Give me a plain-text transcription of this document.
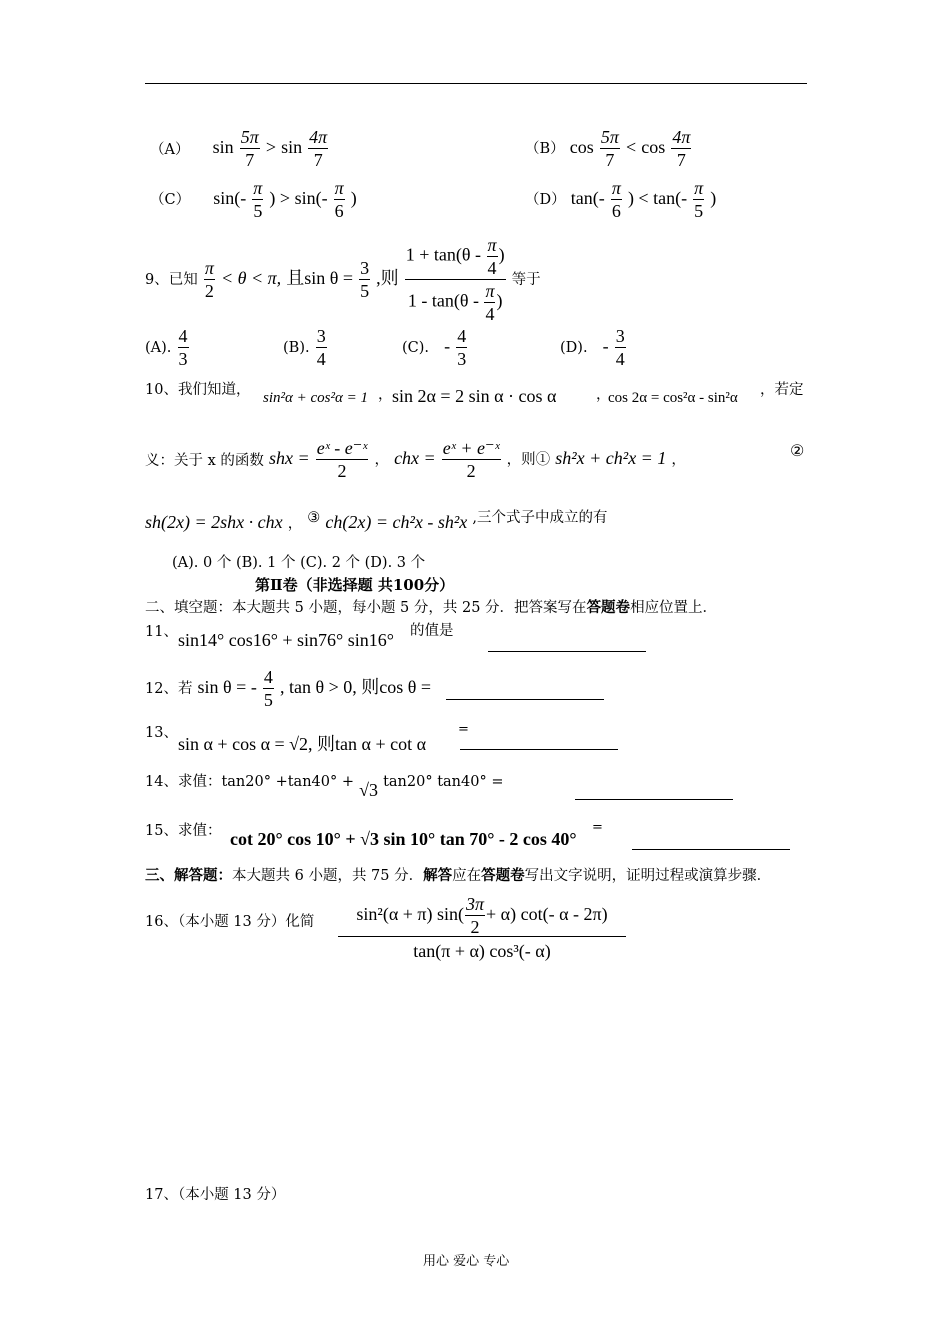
（A） $\sin \frac{5\pi}{7} > \sin \frac{4\pi}{7}$	（B） $\cos \frac{5\pi}{7} < \cos \frac{4\pi}{7}$
（C） $\sin(- \frac{\pi}{5}$ ) > $\sin(- \frac{\pi}{6}$ )	（D） $\tan(- \frac{\pi}{6}$ ) < $\tan(- \frac{\pi}{5}$ )
9、已知 $\frac{\pi}{2} < \theta < \pi$, 且$\sin \theta = \frac{3}{5}$ ,则 $\frac{1 + \tan(\theta - \frac{\pi}{4} )}{1 - \tan(\theta - \frac{\pi}{4} )}$ 等于
(A). $\frac{4}{3}$	(B). $\frac{3}{4}$	(C). - $\frac{4}{3}$	(D). - $\frac{3}{4}$
10、我们知道， sin²α + cos²α = 1 ， sin 2α = 2 sin α · cos α	，
cos 2α = cos²α - sin²α ，若定
义：关于 x 的函数 shx = $\frac{\text{eˣ - e⁻ˣ}}{2}$ ， chx = $\frac{\text{eˣ + e⁻ˣ}}{2}$ ，则① sh²x + ch²x = 1 ，	②
sh(2x) = 2shx · chx ， ③ ch(2x) = ch²x - sh²x ,三个式子中成立的有
(A). 0 个 (B). 1 个 (C). 2 个 (D). 3 个
第Ⅱ卷（非选择题 共100分）
二、填空题：本大题共 5 小题，每小题 5 分，共 25 分．把答案写在答题卷相应位置上．
11、 sin14° cos16° + sin76° sin16° 的值是
12、若 sin θ = - $\frac{4}{5}$ , tan θ > 0, 则cos θ =
13、
sin α + cos α = √2, 则tan α + cot α
=
14、求值：tan20° +tan40° + √3 tan20° tan40° =
15、求值： cot 20° cos 10° + √3 sin 10° tan 70° - 2 cos 40°
=
三、解答题：本大题共 6 小题，共 75 分．解答应在答题卷写出文字说明，证明过程或演算步骤．
16、（本小题 13 分）化简	sin²(α + π) $\sin( \frac{3\pi}{2} + \alpha)$ cot(- α - 2π)
tan(π + α) cos³(- α)
17、（本小题 13 分）
用心 爱心 专心
